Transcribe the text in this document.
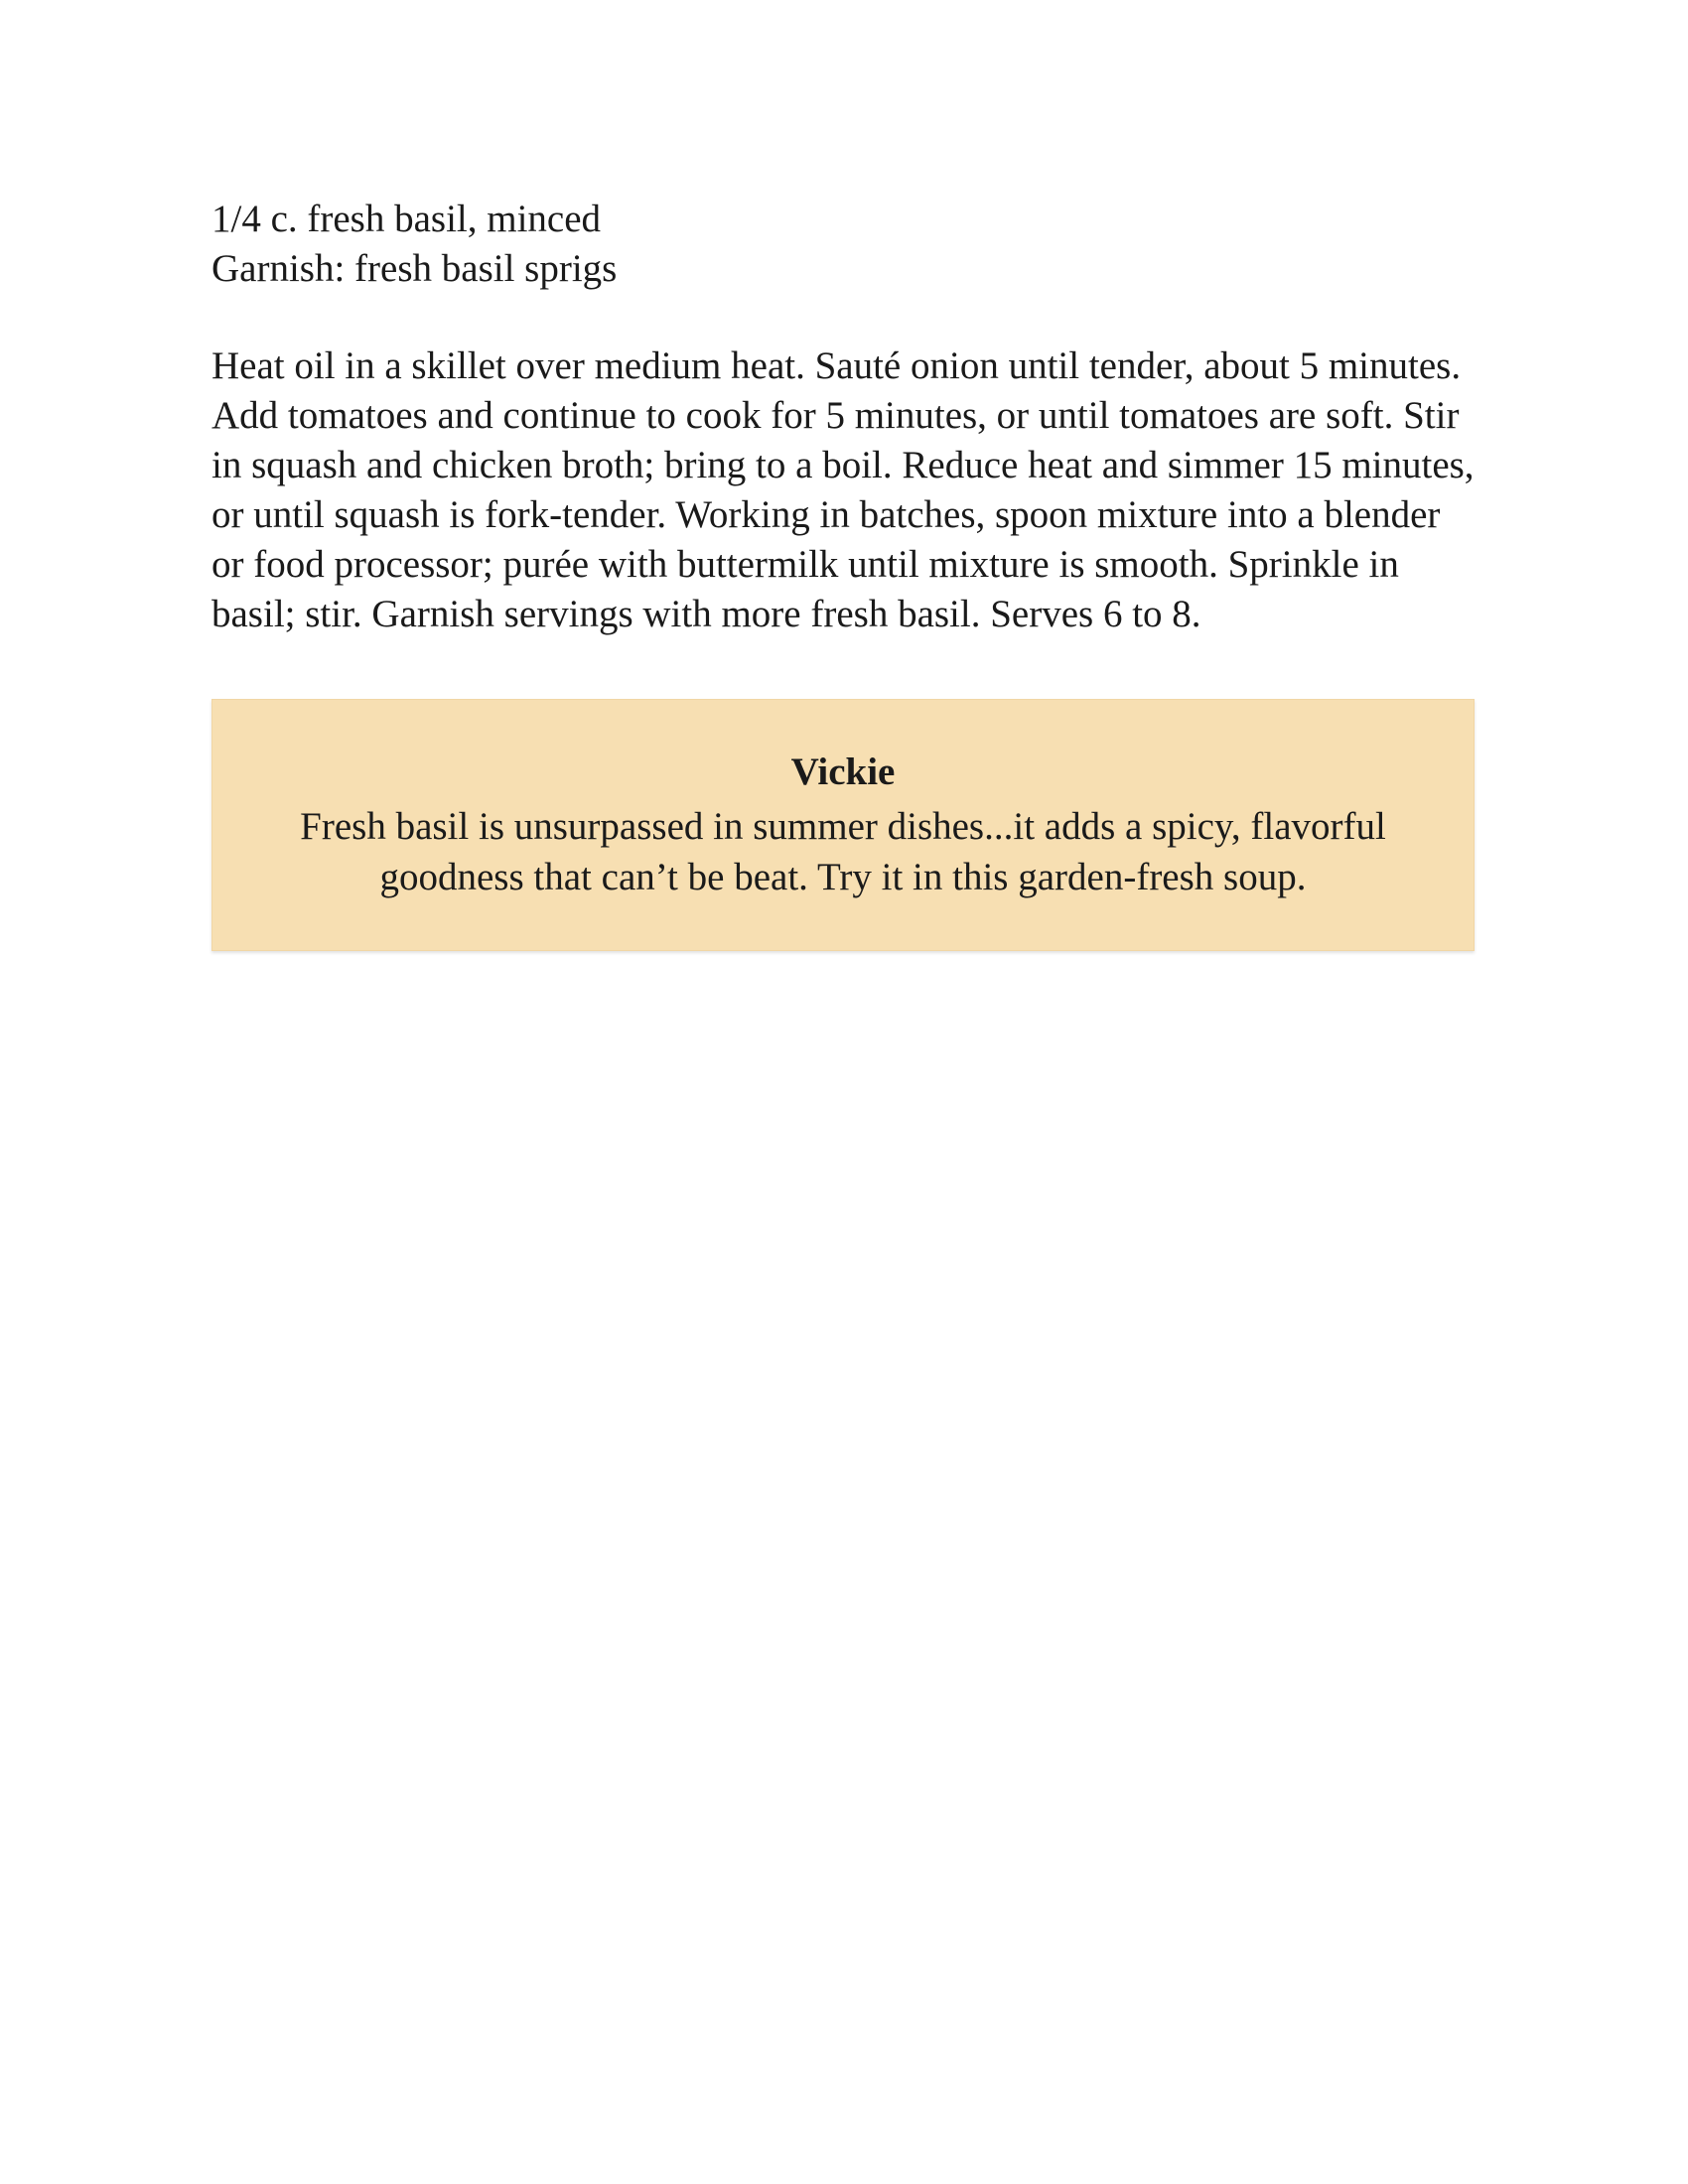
1/4 c. fresh basil, minced
Garnish: fresh basil sprigs

Heat oil in a skillet over medium heat. Sauté onion until tender, about 5 minutes. Add tomatoes and continue to cook for 5 minutes, or until tomatoes are soft. Stir in squash and chicken broth; bring to a boil. Reduce heat and simmer 15 minutes, or until squash is fork-tender. Working in batches, spoon mixture into a blender or food processor; purée with buttermilk until mixture is smooth. Sprinkle in basil; stir. Garnish servings with more fresh basil. Serves 6 to 8.

Vickie
Fresh basil is unsurpassed in summer dishes...it adds a spicy, flavorful goodness that can’t be beat. Try it in this garden-fresh soup.
